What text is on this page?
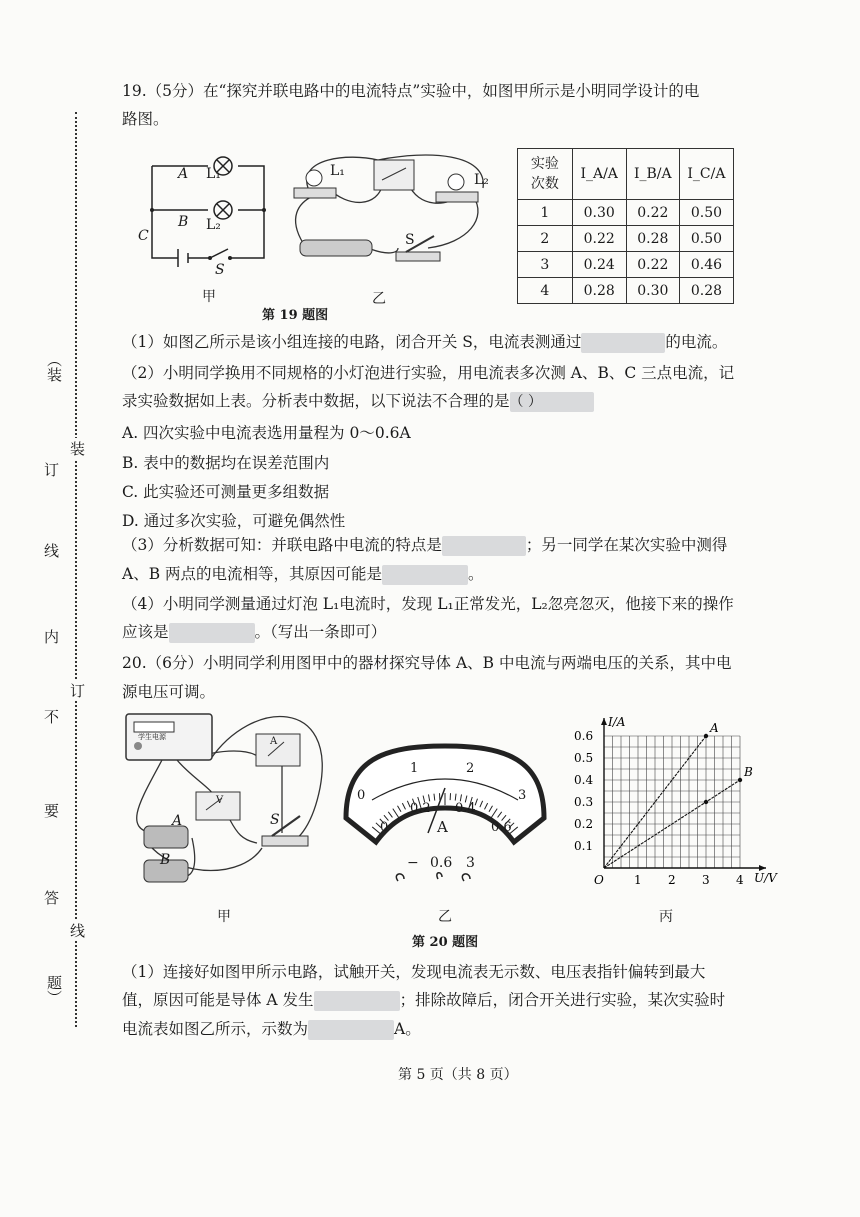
（装
订
线
内
不
要
答
题）
装
订
线
19.（5分）在“探究并联电路中的电流特点”实验中，如图甲所示是小明同学设计的电
路图。
A L₁
B L₂
C
S
甲
L₁
L₂
S
乙
第 19 题图
实验
次数	I_A/A	I_B/A	I_C/A
1	0.30	0.22	0.50
2	0.22	0.28	0.50
3	0.24	0.22	0.46
4	0.28	0.30	0.28
（1）如图乙所示是该小组连接的电路，闭合开关 S，电流表测通过	的电流。
（2）小明同学换用不同规格的小灯泡进行实验，用电流表多次测 A、B、C 三点电流，记
录实验数据如上表。分析表中数据，以下说法不合理的是（ ）
A. 四次实验中电流表选用量程为 0～0.6A
B. 表中的数据均在误差范围内
C. 此实验还可测量更多组数据
D. 通过多次实验，可避免偶然性
（3）分析数据可知：并联电路中电流的特点是	；另一同学在某次实验中测得
A、B 两点的电流相等，其原因可能是	。
（4）小明同学测量通过灯泡 L₁电流时，发现 L₁正常发光，L₂忽亮忽灭，他接下来的操作
应该是	。（写出一条即可）
20.（6分）小明同学利用图甲中的器材探究导体 A、B 中电流与两端电压的关系，其中电
源电压可调。
学生电源
V
A
A
B
S
甲
0
1	2
3
0
0.2 0.4
0.6
A
− 0.6 3
乙
I/A
U/V
O	1 2 3 4
0.1
0.2
0.3
0.4
0.5
0.6
A
B
丙
第 20 题图
（1）连接好如图甲所示电路，试触开关，发现电流表无示数、电压表指针偏转到最大
值，原因可能是导体 A 发生	；排除故障后，闭合开关进行实验，某次实验时
电流表如图乙所示，示数为	A。
第 5 页（共 8 页）
